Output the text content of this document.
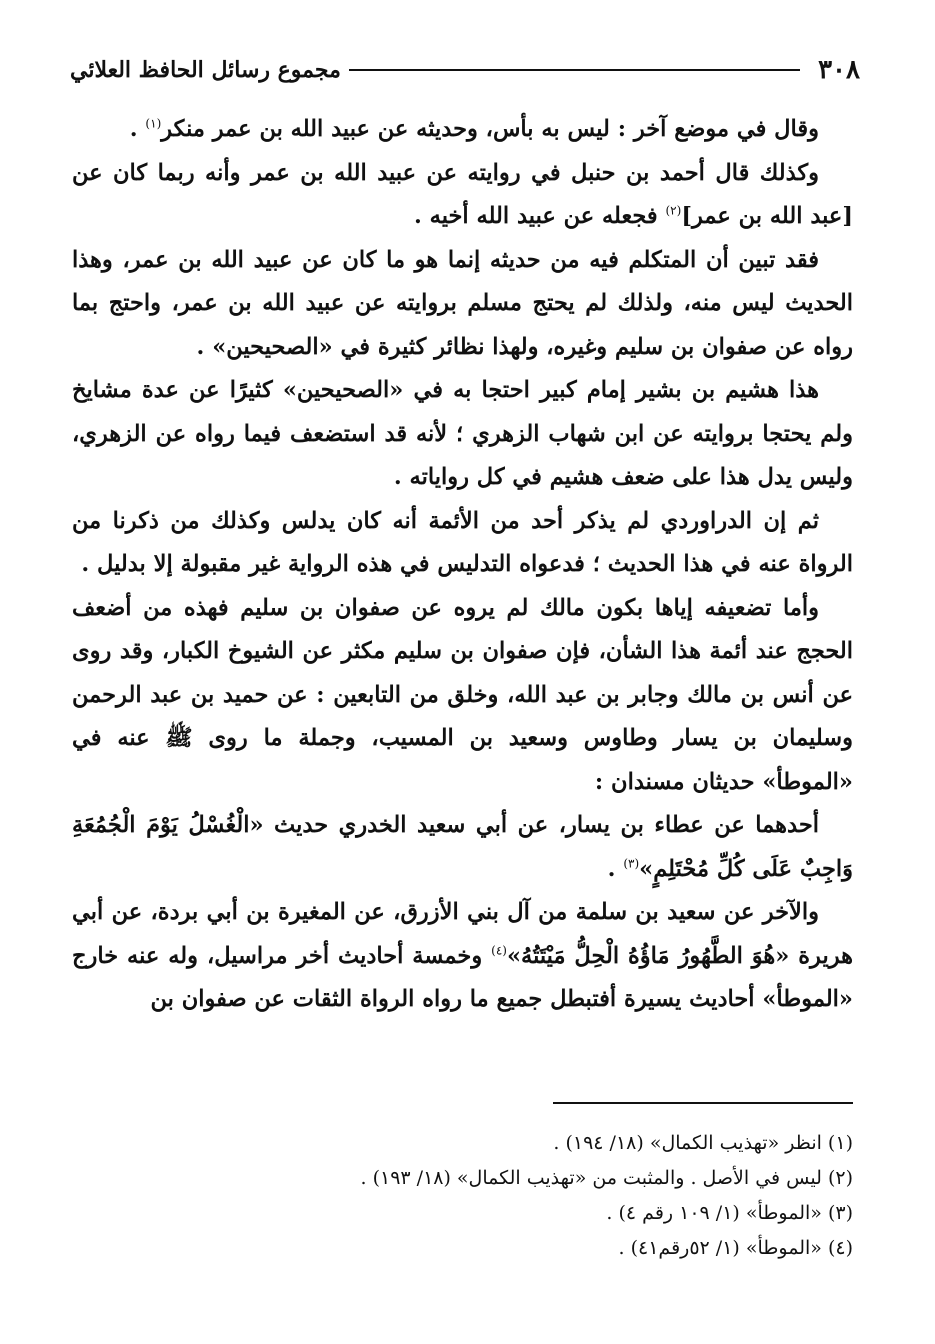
٣٠٨
مجموع رسائل الحافظ العلائي

وقال في موضع آخر : ليس به بأس، وحديثه عن عبيد الله بن عمر منكر$^{(١)}$ .

وكذلك قال أحمد بن حنبل في روايته عن عبيد الله بن عمر وأنه ربما كان عن [عبد الله بن عمر]$^{(٢)}$ فجعله عن عبيد الله أخيه .

فقد تبين أن المتكلم فيه من حديثه إنما هو ما كان عن عبيد الله بن عمر، وهذا الحديث ليس منه، ولذلك لم يحتج مسلم بروايته عن عبيد الله بن عمر، واحتج بما رواه عن صفوان بن سليم وغيره، ولهذا نظائر كثيرة في «الصحيحين» .

هذا هشيم بن بشير إمام كبير احتجا به في «الصحيحين» كثيرًا عن عدة مشايخ ولم يحتجا بروايته عن ابن شهاب الزهري ؛ لأنه قد استضعف فيما رواه عن الزهري، وليس يدل هذا على ضعف هشيم في كل رواياته .

ثم إن الدراوردي لم يذكر أحد من الأئمة أنه كان يدلس وكذلك من ذكرنا من الرواة عنه في هذا الحديث ؛ فدعواه التدليس في هذه الرواية غير مقبولة إلا بدليل .

وأما تضعيفه إياها بكون مالك لم يروه عن صفوان بن سليم فهذه من أضعف الحجج عند أئمة هذا الشأن، فإن صفوان بن سليم مكثر عن الشيوخ الكبار، وقد روى عن أنس بن مالك وجابر بن عبد الله، وخلق من التابعين : عن حميد بن عبد الرحمن وسليمان بن يسار وطاوس وسعيد بن المسيب، وجملة ما روى ﷺ عنه في «الموطأ» حديثان مسندان :

أحدهما عن عطاء بن يسار، عن أبي سعيد الخدري حديث «الْغُسْلُ يَوْمَ الْجُمُعَةِ وَاجِبٌ عَلَى كُلِّ مُحْتَلِمٍ»$^{(٣)}$ .

والآخر عن سعيد بن سلمة من آل بني الأزرق، عن المغيرة بن أبي بردة، عن أبي هريرة «هُوَ الطَّهُورُ مَاؤُهُ الْحِلُّ مَيْتَتُهُ»$^{(٤)}$ وخمسة أحاديث أخر مراسيل، وله عنه خارج «الموطأ» أحاديث يسيرة أفتبطل جميع ما رواه الرواة الثقات عن صفوان بن

(١) انظر «تهذيب الكمال» (١٨/ ١٩٤) .

(٢) ليس في الأصل . والمثبت من «تهذيب الكمال» (١٨/ ١٩٣) .

(٣) «الموطأ» (١/ ١٠٩ رقم ٤) .

(٤) «الموطأ» (١/ ٥٢رقم٤١) .
